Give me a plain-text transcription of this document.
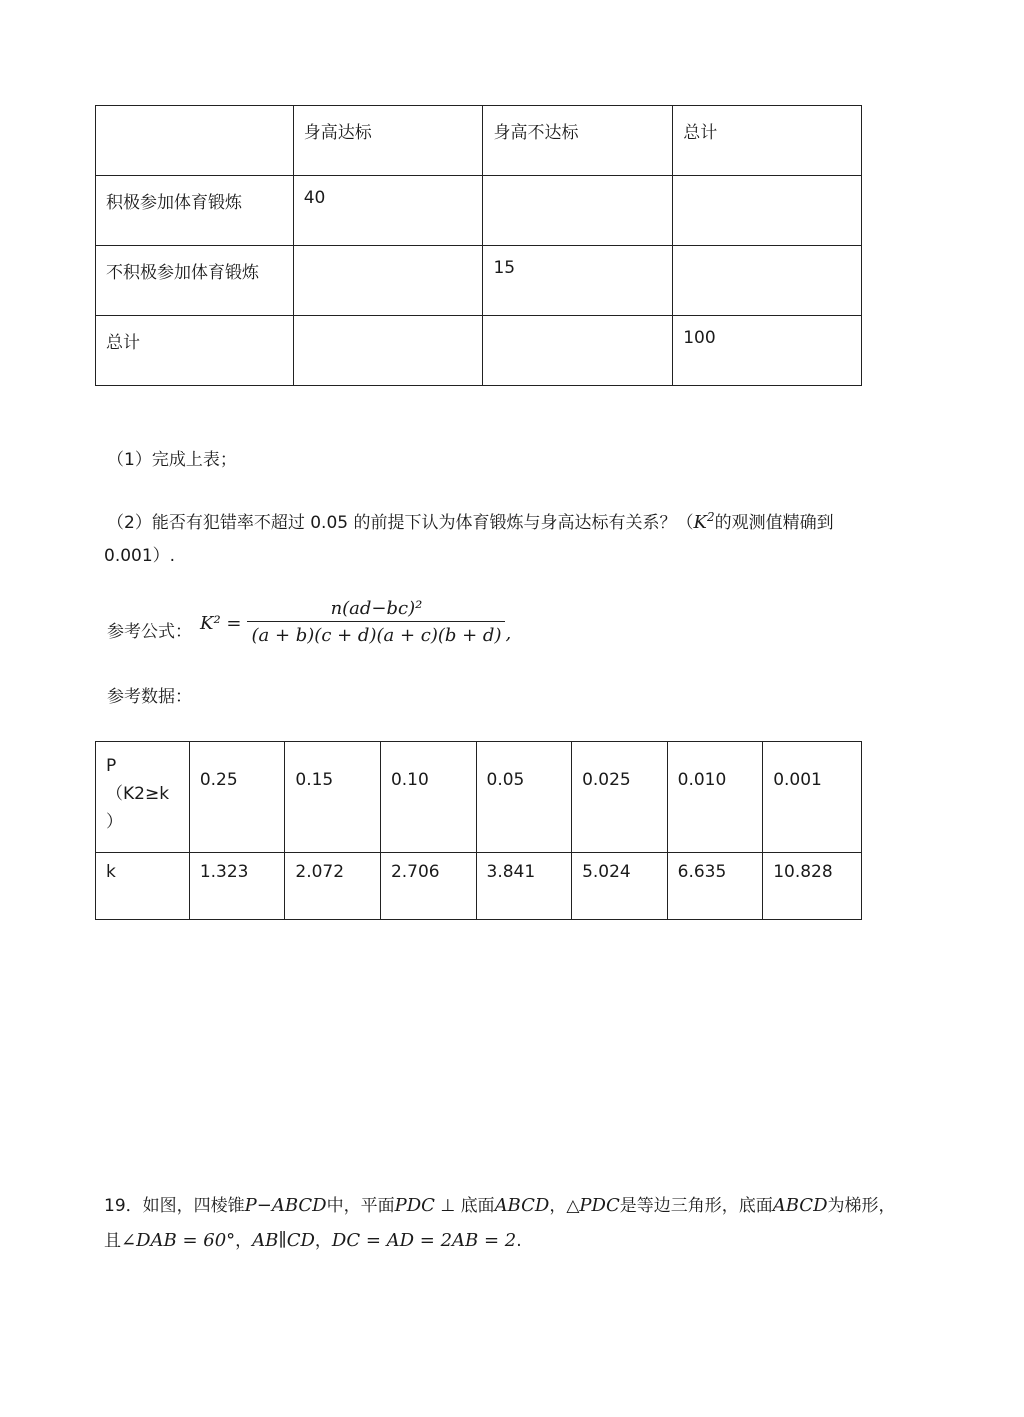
	身高达标	身高不达标	总计
积极参加体育锻炼	40		
不积极参加体育锻炼		15	
总计			100
（1）完成上表；
（2）能否有犯错率不超过 0.05 的前提下认为体育锻炼与身高达标有关系？（$K^2$的观测值精确到
0.001）.
参考公式： $K^2 = \frac{\text{n(ad−bc)²}}{(a + b)(c + d)(a + c)(b + d)}$ ,
参考数据：
P（K2≥k
）	0.25	0.15	0.10	0.05	0.025	0.010	0.001
k	1.323	2.072	2.706	3.841	5.024	6.635	10.828
19．如图，四棱锥P−ABCD中，平面PDC ⊥ 底面ABCD，△PDC是等边三角形，底面ABCD为梯形，
且∠DAB = 60°，AB∥CD，DC = AD = 2AB = 2.
